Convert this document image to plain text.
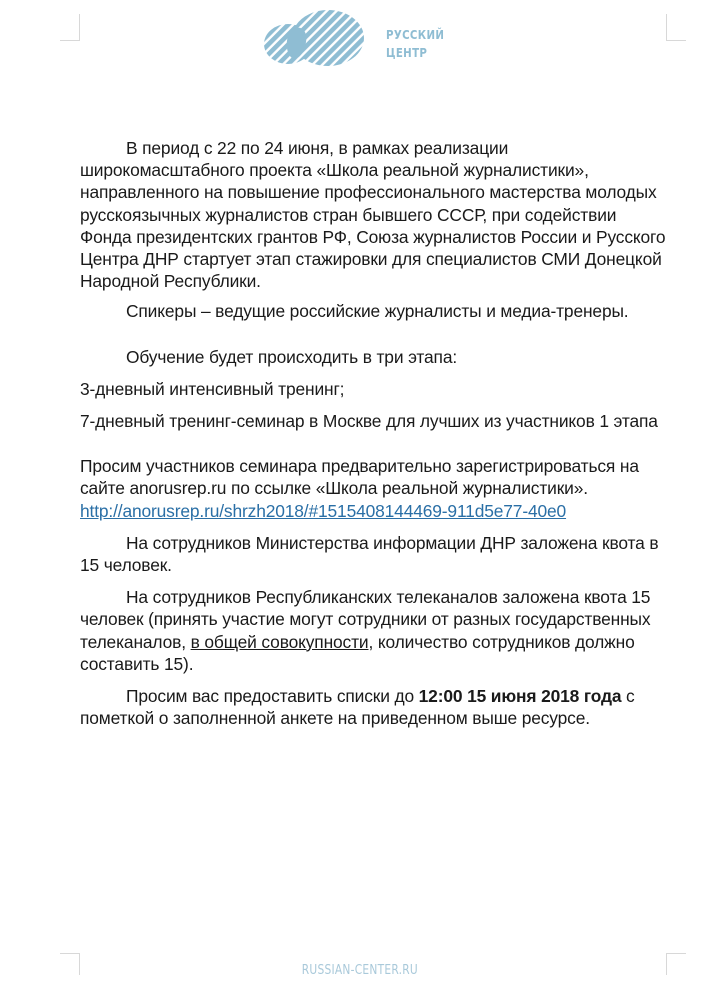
РУССКИЙ
ЦЕНТР

В период с 22 по 24 июня, в рамках реализации широкомасштабного проекта «Школа реальной журналистики», направленного на повышение профессионального мастерства молодых русскоязычных журналистов стран бывшего СССР, при содействии Фонда президентских грантов РФ, Союза журналистов России и Русского Центра ДНР стартует этап стажировки для специалистов СМИ Донецкой Народной Республики.

Спикеры – ведущие российские журналисты и медиа-тренеры.

Обучение будет происходить в три этапа:

3-дневный интенсивный тренинг;

7-дневный тренинг-семинар в Москве для лучших из участников 1 этапа

Просим участников семинара предварительно зарегистрироваться на сайте anorusrep.ru по ссылке «Школа реальной журналистики». http://anorusrep.ru/shrzh2018/#1515408144469-911d5e77-40e0

На сотрудников Министерства информации ДНР заложена квота в 15 человек.

На сотрудников Республиканских телеканалов заложена квота 15 человек (принять участие могут сотрудники от разных государственных телеканалов, в общей совокупности, количество сотрудников должно составить 15).

Просим вас предоставить списки до 12:00 15 июня 2018 года с пометкой о заполненной анкете на приведенном выше ресурсе.

RUSSIAN-CENTER.RU
